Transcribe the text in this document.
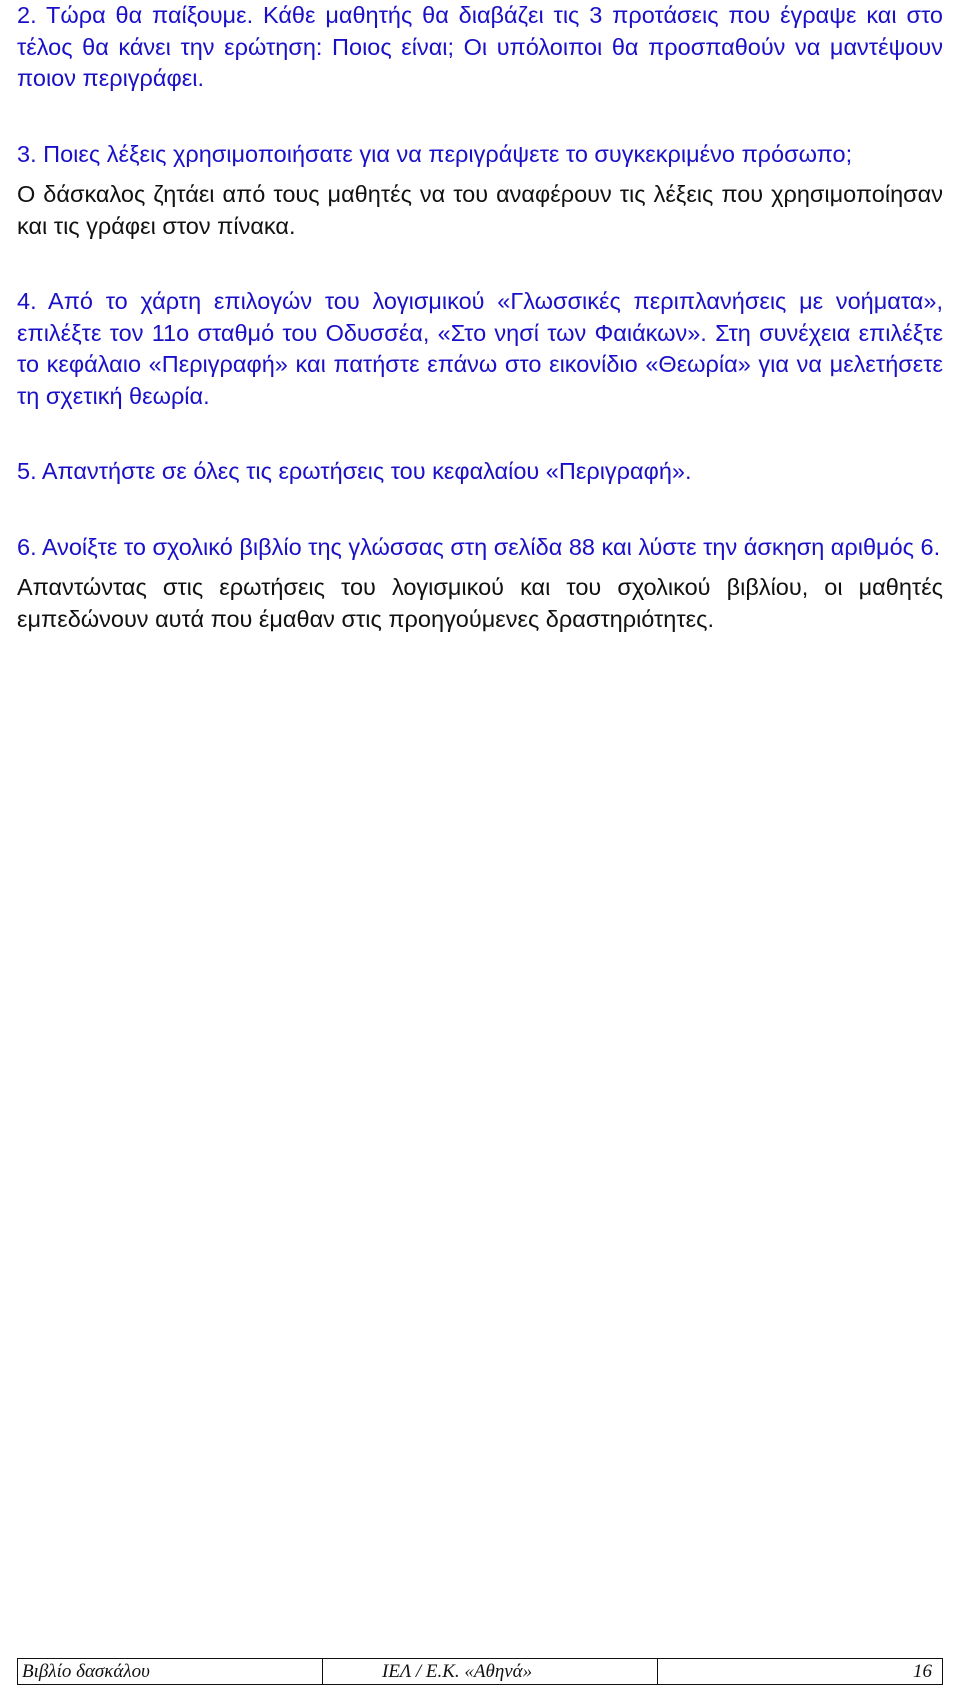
2. Τώρα θα παίξουμε. Κάθε μαθητής θα διαβάζει τις 3 προτάσεις που έγραψε και στο τέλος θα κάνει την ερώτηση: Ποιος είναι; Οι υπόλοιποι θα προσπαθούν να μαντέψουν ποιον περιγράφει.

3. Ποιες λέξεις χρησιμοποιήσατε για να περιγράψετε το συγκεκριμένο πρόσωπο;

Ο δάσκαλος ζητάει από τους μαθητές να του αναφέρουν τις λέξεις που χρησιμοποίησαν και τις γράφει στον πίνακα.

4. Από το χάρτη επιλογών του λογισμικού «Γλωσσικές περιπλανήσεις με νοήματα», επιλέξτε τον 11ο σταθμό του Οδυσσέα, «Στο νησί των Φαιάκων». Στη συνέχεια επιλέξτε το κεφάλαιο «Περιγραφή» και πατήστε επάνω στο εικονίδιο «Θεωρία» για να μελετήσετε τη σχετική θεωρία.

5. Απαντήστε σε όλες τις ερωτήσεις του κεφαλαίου «Περιγραφή».

6. Ανοίξτε το σχολικό βιβλίο της γλώσσας στη σελίδα 88 και λύστε την άσκηση αριθμός 6.

Απαντώντας στις ερωτήσεις του λογισμικού και του σχολικού βιβλίου, οι μαθητές εμπεδώνουν αυτά που έμαθαν στις προηγούμενες δραστηριότητες.

Βιβλίο δασκάλου	ΙΕΛ / Ε.Κ. «Αθηνά»	16
